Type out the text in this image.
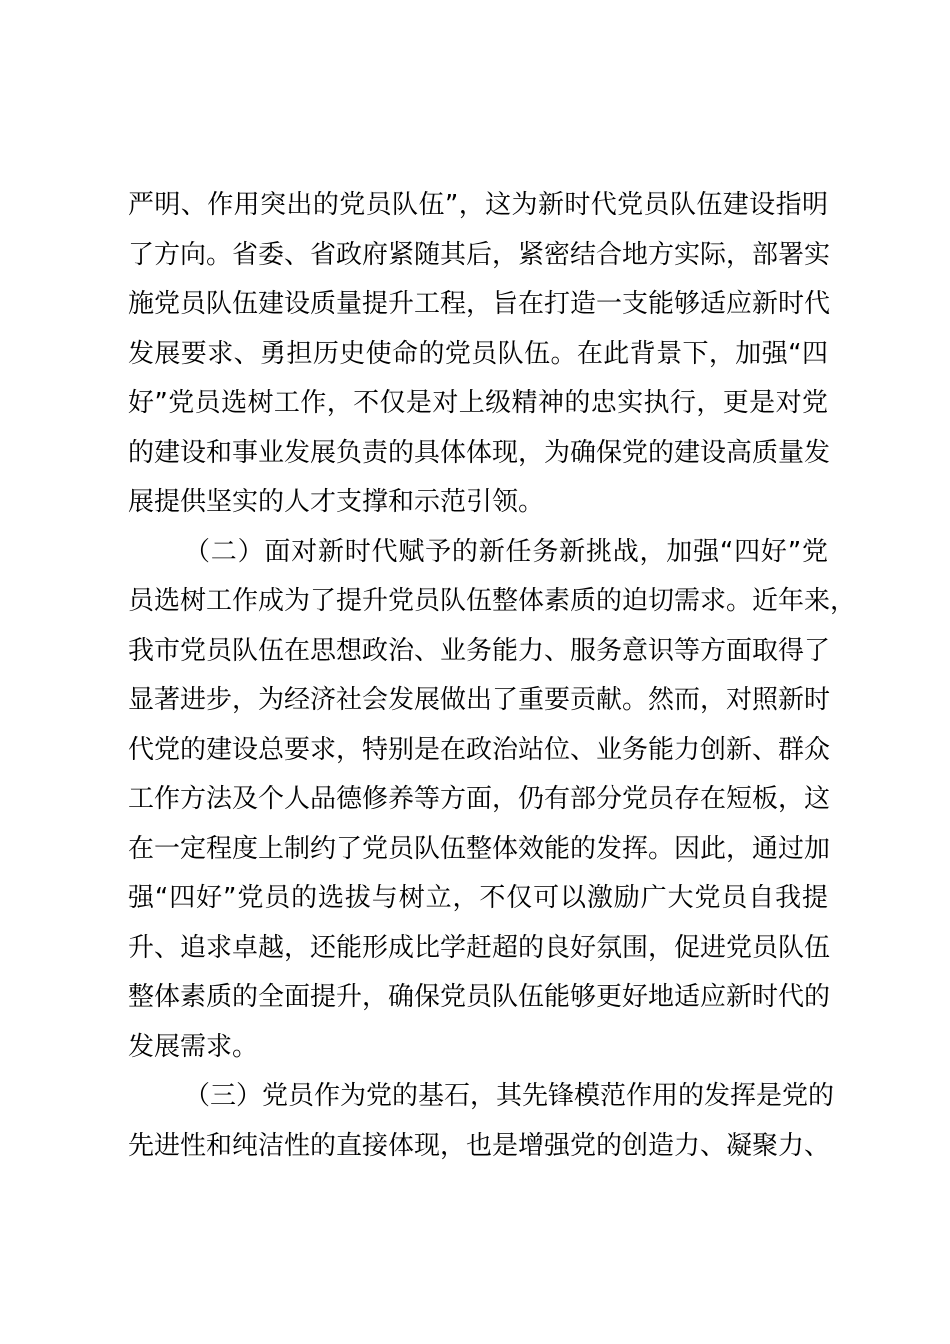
严明、作用突出的党员队伍”，这为新时代党员队伍建设指明
了方向。省委、省政府紧随其后，紧密结合地方实际，部署实
施党员队伍建设质量提升工程，旨在打造一支能够适应新时代
发展要求、勇担历史使命的党员队伍。在此背景下，加强“四
好”党员选树工作，不仅是对上级精神的忠实执行，更是对党
的建设和事业发展负责的具体体现，为确保党的建设高质量发
展提供坚实的人才支撑和示范引领。
（二）面对新时代赋予的新任务新挑战，加强“四好”党
员选树工作成为了提升党员队伍整体素质的迫切需求。近年来，
我市党员队伍在思想政治、业务能力、服务意识等方面取得了
显著进步，为经济社会发展做出了重要贡献。然而，对照新时
代党的建设总要求，特别是在政治站位、业务能力创新、群众
工作方法及个人品德修养等方面，仍有部分党员存在短板，这
在一定程度上制约了党员队伍整体效能的发挥。因此，通过加
强“四好”党员的选拔与树立，不仅可以激励广大党员自我提
升、追求卓越，还能形成比学赶超的良好氛围，促进党员队伍
整体素质的全面提升，确保党员队伍能够更好地适应新时代的
发展需求。
（三）党员作为党的基石，其先锋模范作用的发挥是党的
先进性和纯洁性的直接体现，也是增强党的创造力、凝聚力、
